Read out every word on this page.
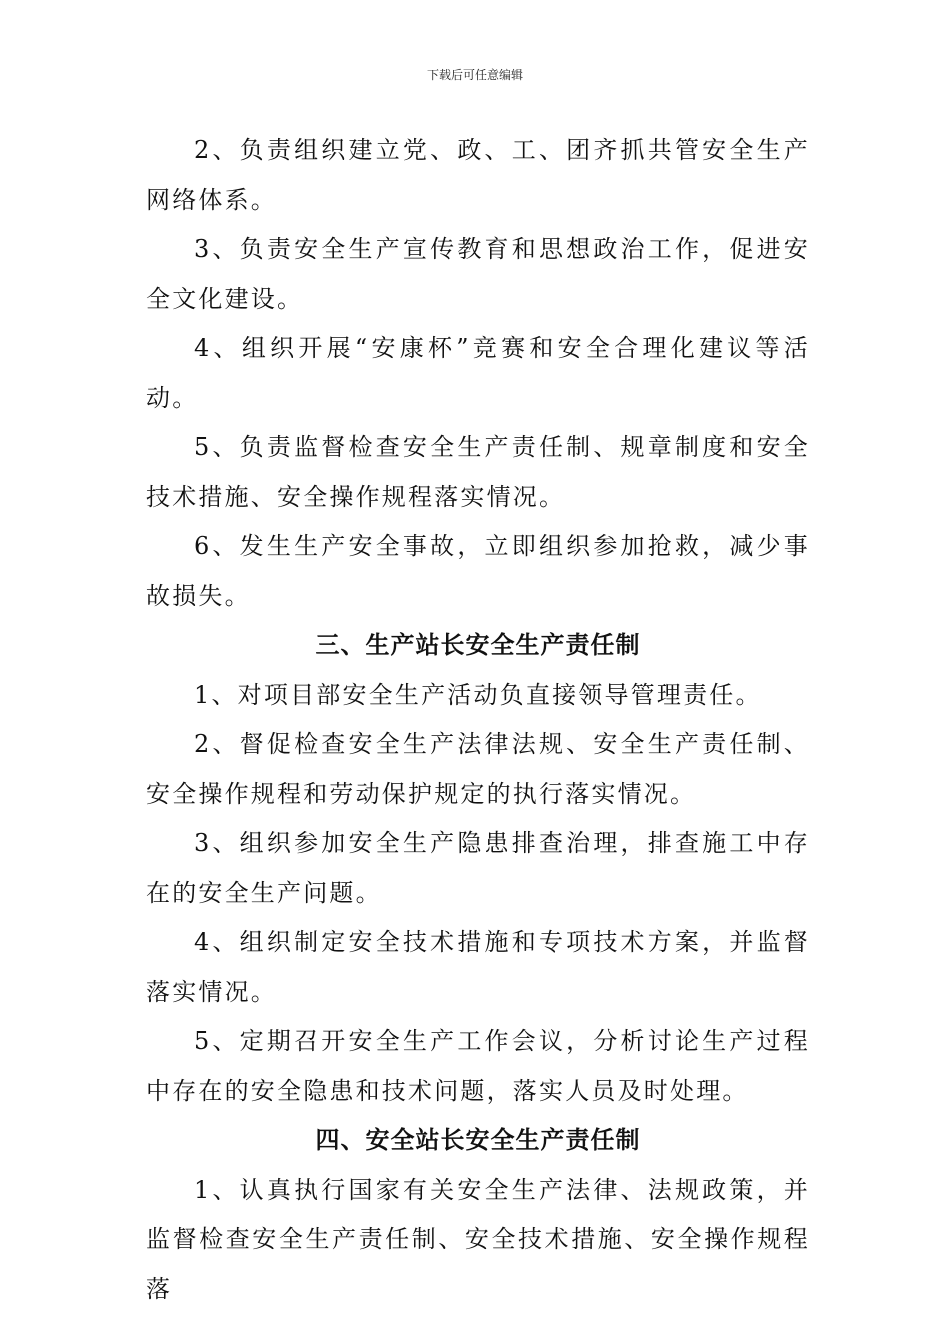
下载后可任意编辑

2、负责组织建立党、政、工、团齐抓共管安全生产网络体系。

3、负责安全生产宣传教育和思想政治工作，促进安全文化建设。

4、组织开展“安康杯”竞赛和安全合理化建议等活动。

5、负责监督检查安全生产责任制、规章制度和安全技术措施、安全操作规程落实情况。

6、发生生产安全事故，立即组织参加抢救，减少事故损失。

三、生产站长安全生产责任制

1、对项目部安全生产活动负直接领导管理责任。

2、督促检查安全生产法律法规、安全生产责任制、安全操作规程和劳动保护规定的执行落实情况。

3、组织参加安全生产隐患排查治理，排查施工中存在的安全生产问题。

4、组织制定安全技术措施和专项技术方案，并监督落实情况。

5、定期召开安全生产工作会议，分析讨论生产过程中存在的安全隐患和技术问题，落实人员及时处理。

四、安全站长安全生产责任制

1、认真执行国家有关安全生产法律、法规政策，并监督检查安全生产责任制、安全技术措施、安全操作规程落
